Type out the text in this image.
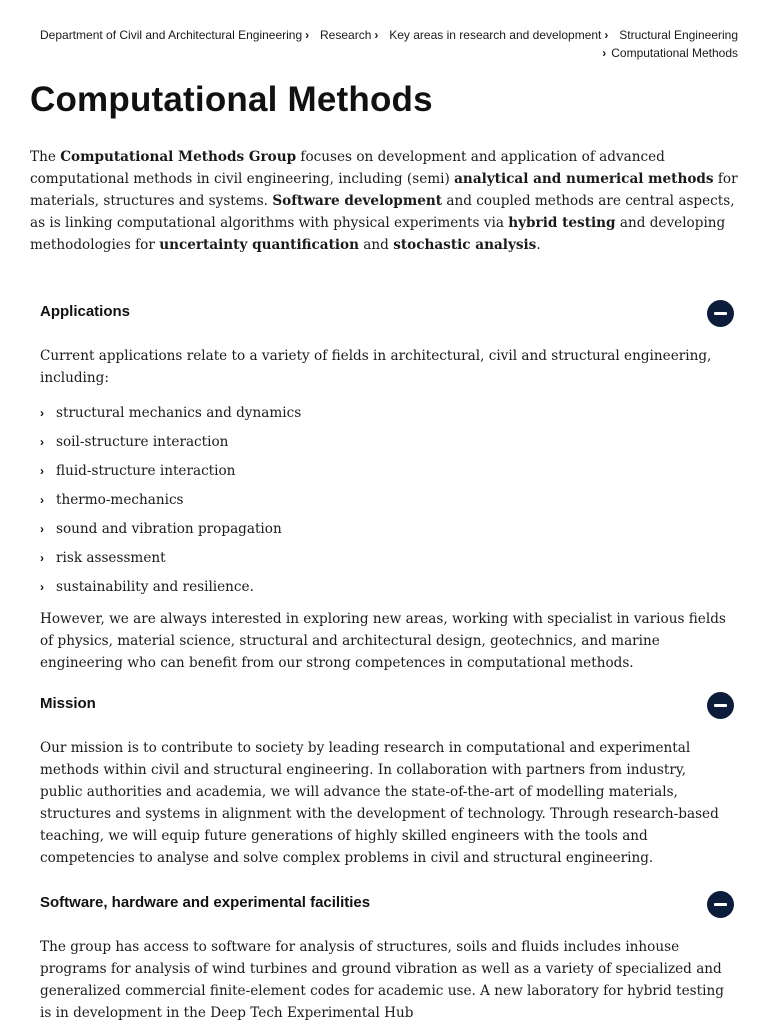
Department of Civil and Architectural Engineering › Research › Key areas in research and development › Structural Engineering
› Computational Methods
Computational Methods

The Computational Methods Group focuses on development and application of advanced computational methods in civil engineering, including (semi) analytical and numerical methods for materials, structures and systems. Software development and coupled methods are central aspects, as is linking computational algorithms with physical experiments via hybrid testing and developing methodologies for uncertainty quantification and stochastic analysis.

Applications

Current applications relate to a variety of fields in architectural, civil and structural engineering, including:

› structural mechanics and dynamics
› soil-structure interaction
› fluid-structure interaction
› thermo-mechanics
› sound and vibration propagation
› risk assessment
› sustainability and resilience.

However, we are always interested in exploring new areas, working with specialist in various fields of physics, material science, structural and architectural design, geotechnics, and marine engineering who can benefit from our strong competences in computational methods.

Mission

Our mission is to contribute to society by leading research in computational and experimental methods within civil and structural engineering. In collaboration with partners from industry, public authorities and academia, we will advance the state-of-the-art of modelling materials, structures and systems in alignment with the development of technology. Through research-based teaching, we will equip future generations of highly skilled engineers with the tools and competencies to analyse and solve complex problems in civil and structural engineering.

Software, hardware and experimental facilities

The group has access to software for analysis of structures, soils and fluids includes inhouse programs for analysis of wind turbines and ground vibration as well as a variety of specialized and generalized commercial finite-element codes for academic use. A new laboratory for hybrid testing is in development in the Deep Tech Experimental Hub
